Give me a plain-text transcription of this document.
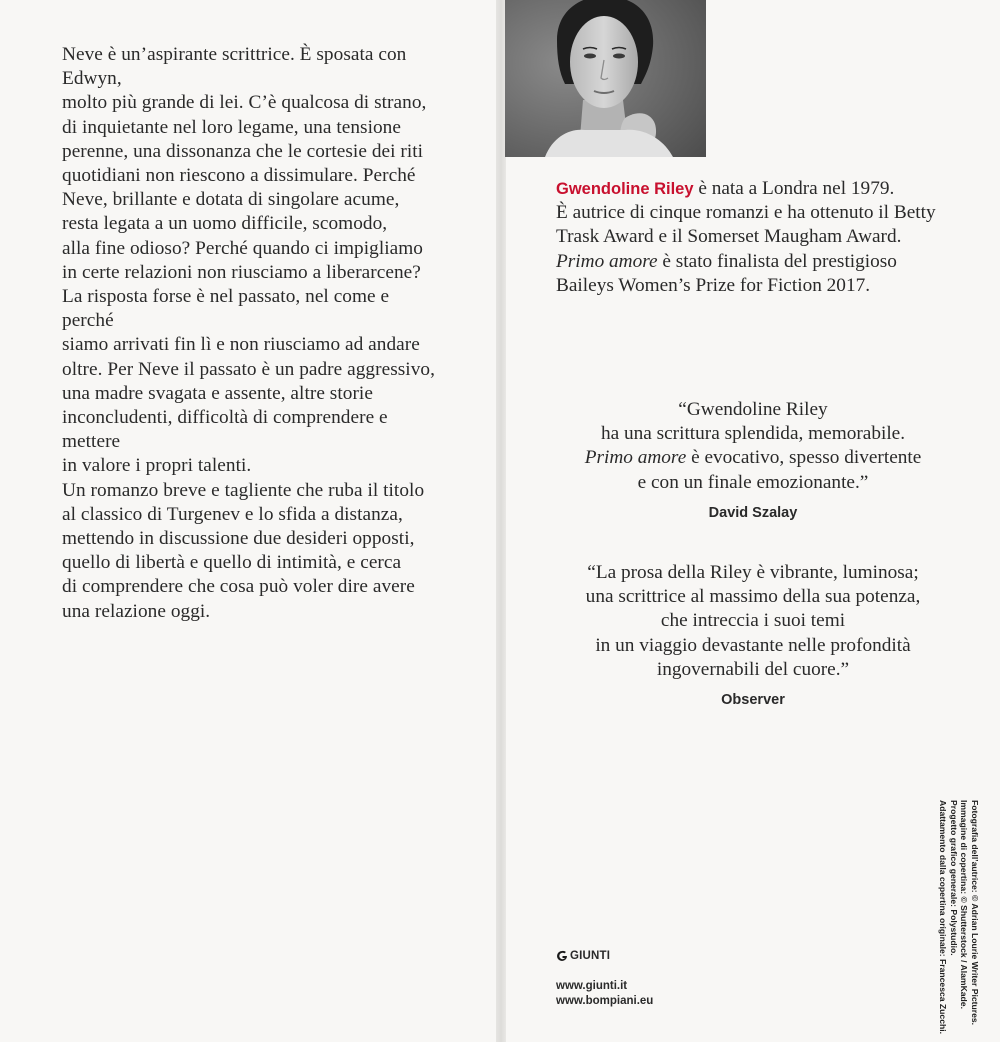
Neve è un’aspirante scrittrice. È sposata con Edwyn,
molto più grande di lei. C’è qualcosa di strano,
di inquietante nel loro legame, una tensione
perenne, una dissonanza che le cortesie dei riti
quotidiani non riescono a dissimulare. Perché
Neve, brillante e dotata di singolare acume,
resta legata a un uomo difficile, scomodo,
alla fine odioso? Perché quando ci impigliamo
in certe relazioni non riusciamo a liberarcene?
La risposta forse è nel passato, nel come e perché
siamo arrivati fin lì e non riusciamo ad andare
oltre. Per Neve il passato è un padre aggressivo,
una madre svagata e assente, altre storie
inconcludenti, difficoltà di comprendere e mettere
in valore i propri talenti.
Un romanzo breve e tagliente che ruba il titolo
al classico di Turgenev e lo sfida a distanza,
mettendo in discussione due desideri opposti,
quello di libertà e quello di intimità, e cerca
di comprendere che cosa può voler dire avere
una relazione oggi.
Gwendoline Riley è nata a Londra nel 1979.
È autrice di cinque romanzi e ha ottenuto il Betty
Trask Award e il Somerset Maugham Award.
Primo amore è stato finalista del prestigioso
Baileys Women’s Prize for Fiction 2017.
“Gwendoline Riley
ha una scrittura splendida, memorabile.
Primo amore è evocativo, spesso divertente
e con un finale emozionante.”
David Szalay
“La prosa della Riley è vibrante, luminosa;
una scrittrice al massimo della sua potenza,
che intreccia i suoi temi
in un viaggio devastante nelle profondità
ingovernabili del cuore.”
Observer
GIUNTI
www.giunti.it
www.bompiani.eu	Fotografia dell’autrice: © Adrian Lourie Writer Pictures.
Immagine di copertina: © Shutterstock / AlamKade.
Progetto grafico generale: Polystudio.
Adattamento dalla copertina originale: Francesca Zucchi.
